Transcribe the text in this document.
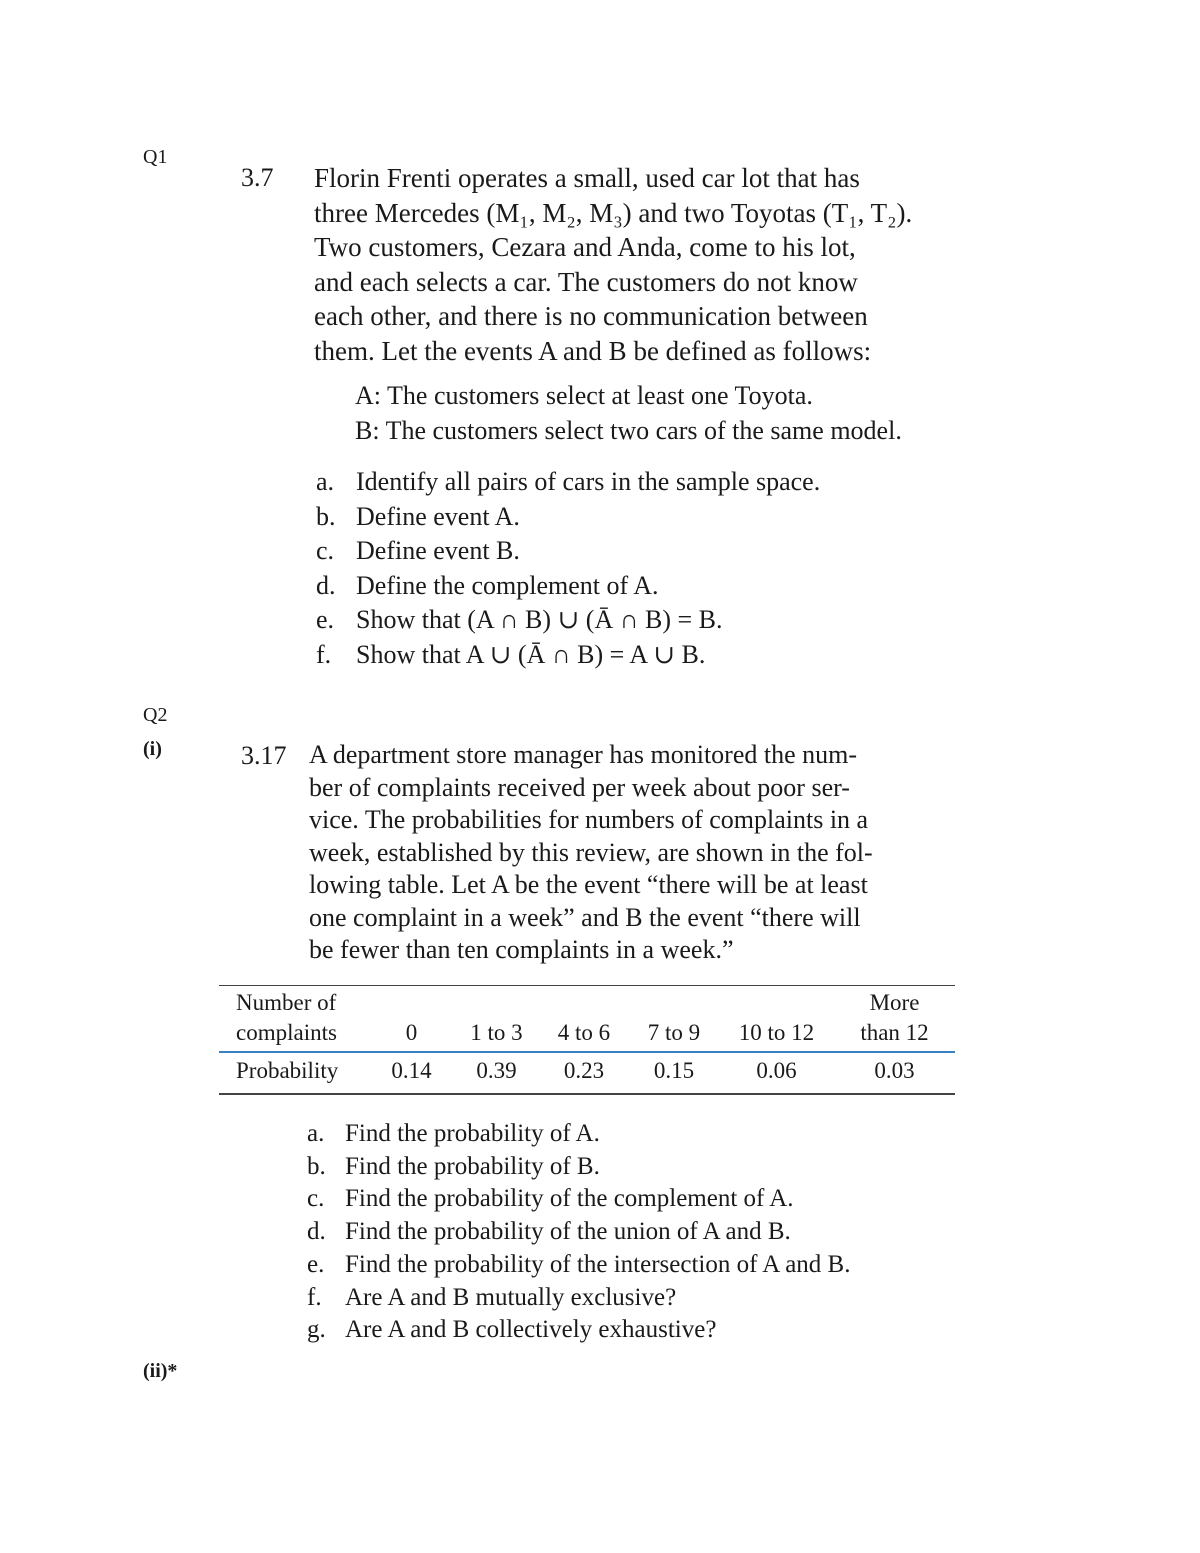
Q1
Q2
(i)
(ii)*
3.7 Florin Frenti operates a small, used car lot that has
three Mercedes (M₁, M₂, M₃) and two Toyotas (T₁, T₂).
Two customers, Cezara and Anda, come to his lot,
and each selects a car. The customers do not know
each other, and there is no communication between
them. Let the events A and B be defined as follows:
A: The customers select at least one Toyota.
B: The customers select two cars of the same model.
a. Identify all pairs of cars in the sample space.
b. Define event A.
c. Define event B.
d. Define the complement of A.
e. Show that (A ∩ B) ∪ (Ā ∩ B) = B.
f. Show that A ∪ (Ā ∩ B) = A ∪ B.
3.17 A department store manager has monitored the num-
ber of complaints received per week about poor ser-
vice. The probabilities for numbers of complaints in a
week, established by this review, are shown in the fol-
lowing table. Let A be the event “there will be at least
one complaint in a week” and B the event “there will
be fewer than ten complaints in a week.”
Number of						More
complaints	0	1 to 3	4 to 6	7 to 9	10 to 12	than 12
Probability	0.14	0.39	0.23	0.15	0.06	0.03
a. Find the probability of A.
b. Find the probability of B.
c. Find the probability of the complement of A.
d. Find the probability of the union of A and B.
e. Find the probability of the intersection of A and B.
f. Are A and B mutually exclusive?
g. Are A and B collectively exhaustive?
